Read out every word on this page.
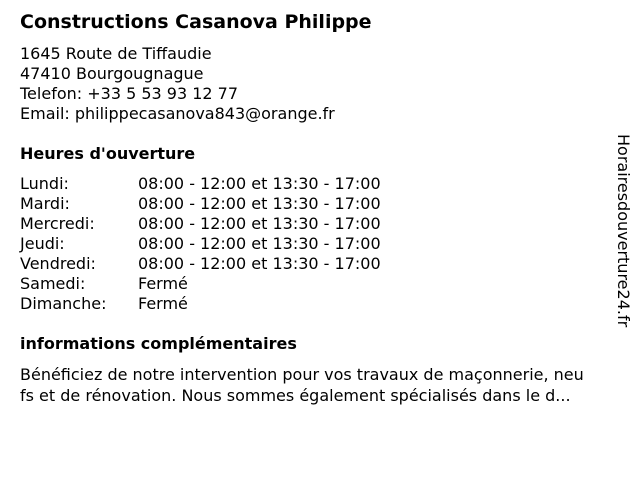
Constructions Casanova Philippe
1645 Route de Tiffaudie
47410 Bourgougnague
Telefon: +33 5 53 93 12 77
Email: philippecasanova843@orange.fr
Heures d'ouverture
Lundi:	08:00 - 12:00 et 13:30 - 17:00
Mardi:	08:00 - 12:00 et 13:30 - 17:00
Mercredi:	08:00 - 12:00 et 13:30 - 17:00
Jeudi:	08:00 - 12:00 et 13:30 - 17:00
Vendredi:	08:00 - 12:00 et 13:30 - 17:00
Samedi:	Fermé
Dimanche: Fermé
informations complémentaires
Bénéficiez de notre intervention pour vos travaux de maçonnerie, neu
fs et de rénovation. Nous sommes également spécialisés dans le d...
Horairesdouverture24.fr
